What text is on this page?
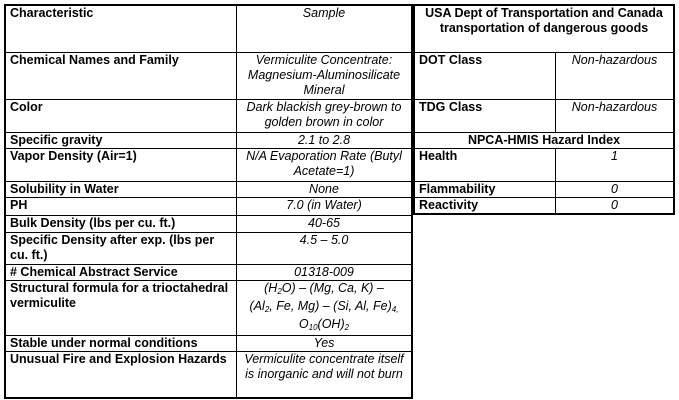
Characteristic	Sample
Chemical Names and Family	Vermiculite Concentrate: Magnesium-Aluminosilicate Mineral
Color	Dark blackish grey-brown to golden brown in color
Specific gravity	2.1 to 2.8
Vapor Density (Air=1)	N/A Evaporation Rate (Butyl Acetate=1)
Solubility in Water	None
PH	7.0 (in Water)
Bulk Density (lbs per cu. ft.)	40-65
Specific Density after exp. (lbs per cu. ft.)	4.5 – 5.0
# Chemical Abstract Service	01318-009
Structural formula for a trioctahedral vermiculite	$(H_2O) - (Mg$, Ca, K) –
($Al_2$, Fe, Mg) – (Si, Al, $Fe)_{4,}$
$O_{10}(OH)_2$
Stable under normal conditions	Yes
Unusual Fire and Explosion Hazards	Vermiculite concentrate itself is inorganic and will not burn
USA Dept of Transportation and Canada transportation of dangerous goods	
DOT Class	Non-hazardous
TDG Class	Non-hazardous
NPCA-HMIS Hazard Index	
Health	1
Flammability	0
Reactivity	0
